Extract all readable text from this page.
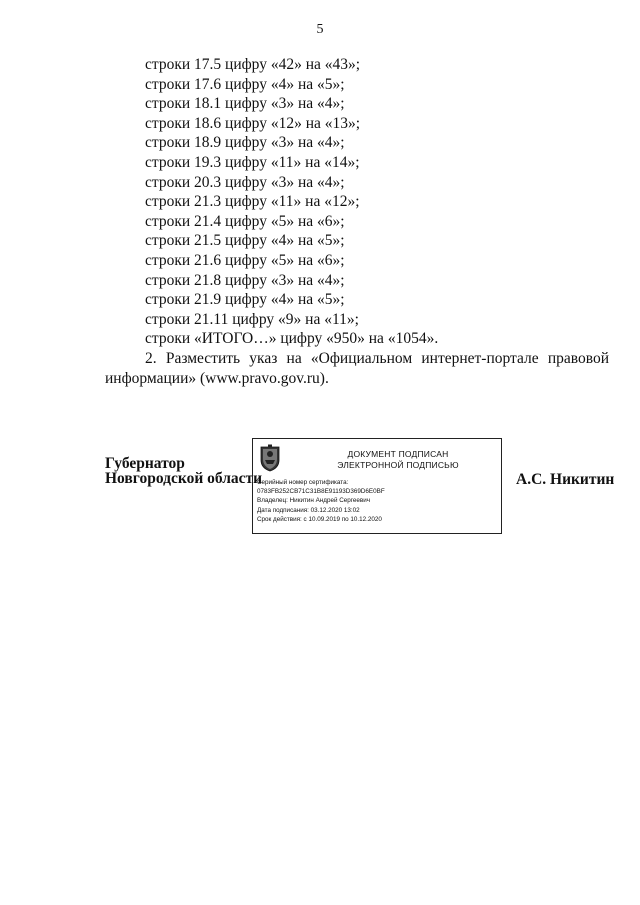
5
строки 17.5 цифру «42» на «43»;
строки 17.6 цифру «4» на «5»;
строки 18.1 цифру «3» на «4»;
строки 18.6 цифру «12» на «13»;
строки 18.9 цифру «3» на «4»;
строки 19.3 цифру «11» на «14»;
строки 20.3 цифру «3» на «4»;
строки 21.3 цифру «11» на «12»;
строки 21.4 цифру «5» на «6»;
строки 21.5 цифру «4» на «5»;
строки 21.6 цифру «5» на «6»;
строки 21.8 цифру «3» на «4»;
строки 21.9 цифру «4» на «5»;
строки 21.11 цифру «9» на «11»;
строки «ИТОГО…» цифру «950» на «1054».
2. Разместить указ на «Официальном интернет-портале правовой информации» (www.pravo.gov.ru).
Губернатор
Новгородской области
ДОКУМЕНТ ПОДПИСАН
ЭЛЕКТРОННОЙ ПОДПИСЬЮ
Серийный номер сертификата:
0783FB252CB71C31B8E91193D369D6E0BF
Владелец: Никитин Андрей Сергеевич
Дата подписания: 03.12.2020 13:02
Срок действия: с 10.09.2019 по 10.12.2020
А.С. Никитин
